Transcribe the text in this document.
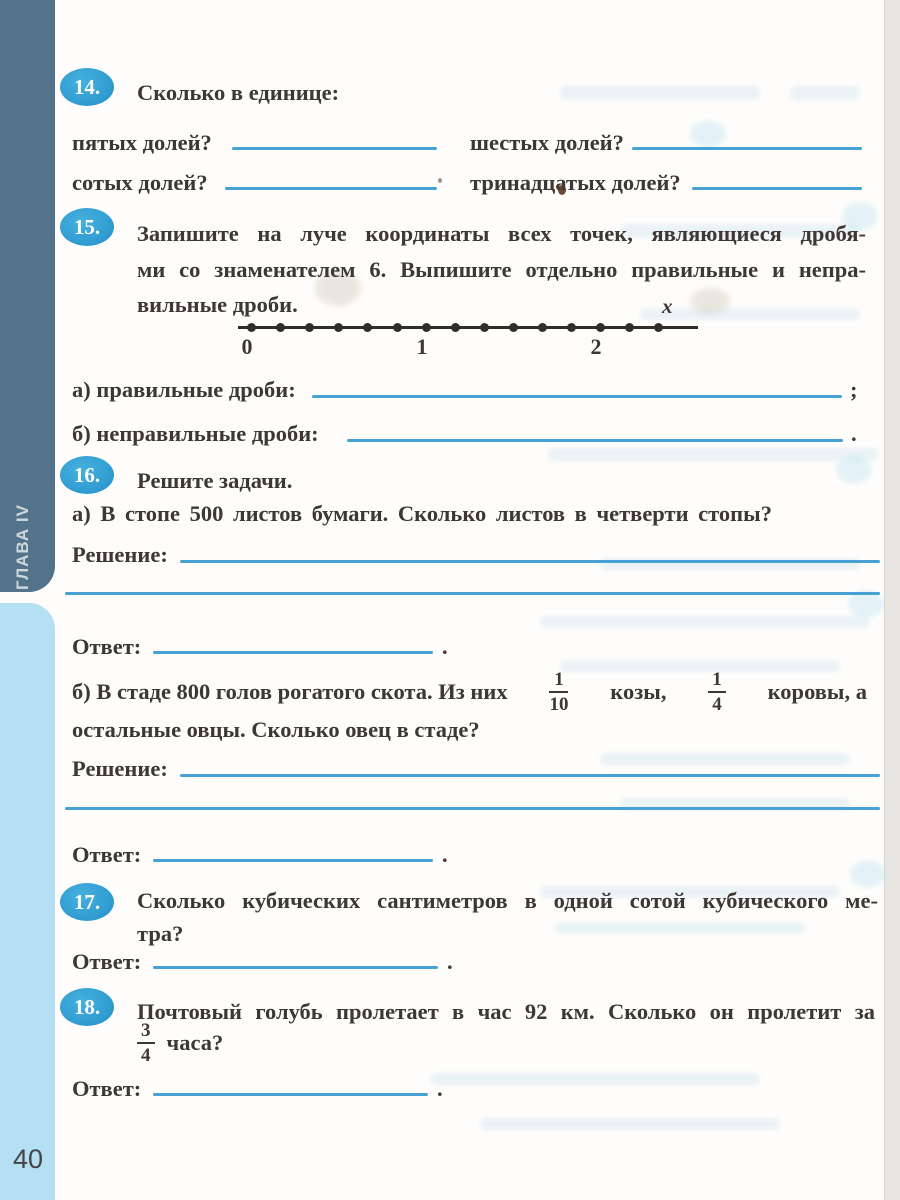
ГЛАВА IV
40
14. Сколько в единице:
пятых долей?	шестых долей?
сотых долей?	тринадцатых долей?
15. Запишите на луче координаты всех точек, являющиеся дробя-
ми со знаменателем 6. Выпишите отдельно правильные и непра-
вильные дроби.	x
0	1	2
а) правильные дроби:	;
б) неправильные дроби:	.
16. Решите задачи.
а) В стопе 500 листов бумаги. Сколько листов в четверти стопы?
Решение:
Ответ:	.
б) В стаде 800 голов рогатого скота. Из них $\frac{1}{10}$ козы, $\frac{1}{4}$ коровы, а
остальные овцы. Сколько овец в стаде?
Решение:
Ответ:	.
17. Сколько кубических сантиметров в одной сотой кубического ме-
тра?
Ответ:	.
18. Почтовый голубь пролетает в час 92 км. Сколько он пролетит за
$\frac{3}{4}$ часа?
Ответ:	.
